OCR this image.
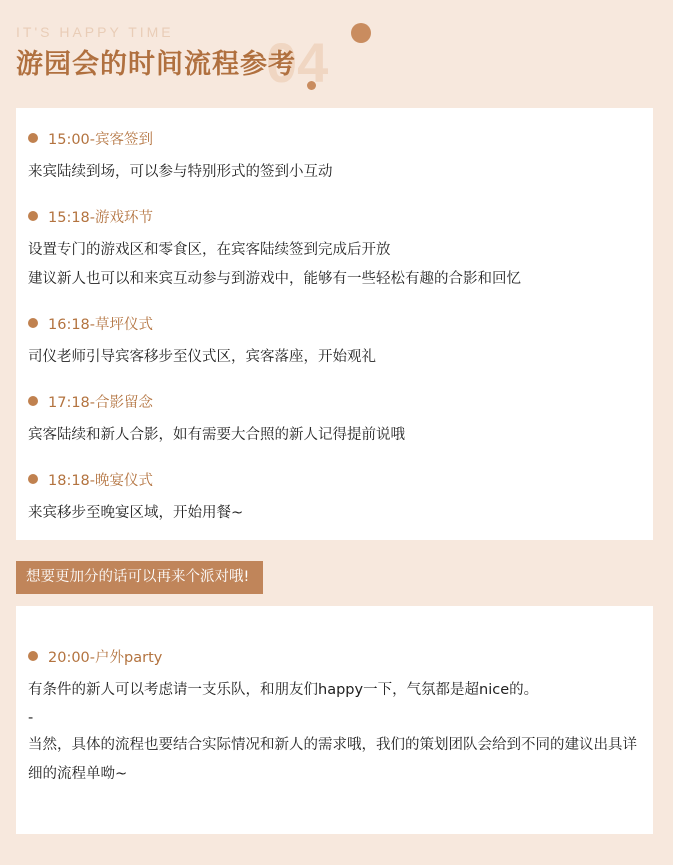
IT'S HAPPY TIME 04
游园会的时间流程参考
15:00-宾客签到
来宾陆续到场，可以参与特别形式的签到小互动
15:18-游戏环节
设置专门的游戏区和零食区，在宾客陆续签到完成后开放
建议新人也可以和来宾互动参与到游戏中，能够有一些轻松有趣的合影和回忆
16:18-草坪仪式
司仪老师引导宾客移步至仪式区，宾客落座，开始观礼
17:18-合影留念
宾客陆续和新人合影，如有需要大合照的新人记得提前说哦
18:18-晚宴仪式
来宾移步至晚宴区域，开始用餐~
想要更加分的话可以再来个派对哦!
20:00-户外party
有条件的新人可以考虑请一支乐队，和朋友们happy一下，气氛都是超nice的。
-
当然，具体的流程也要结合实际情况和新人的需求哦，我们的策划团队会给到不同的建议出具详细的流程单呦~
